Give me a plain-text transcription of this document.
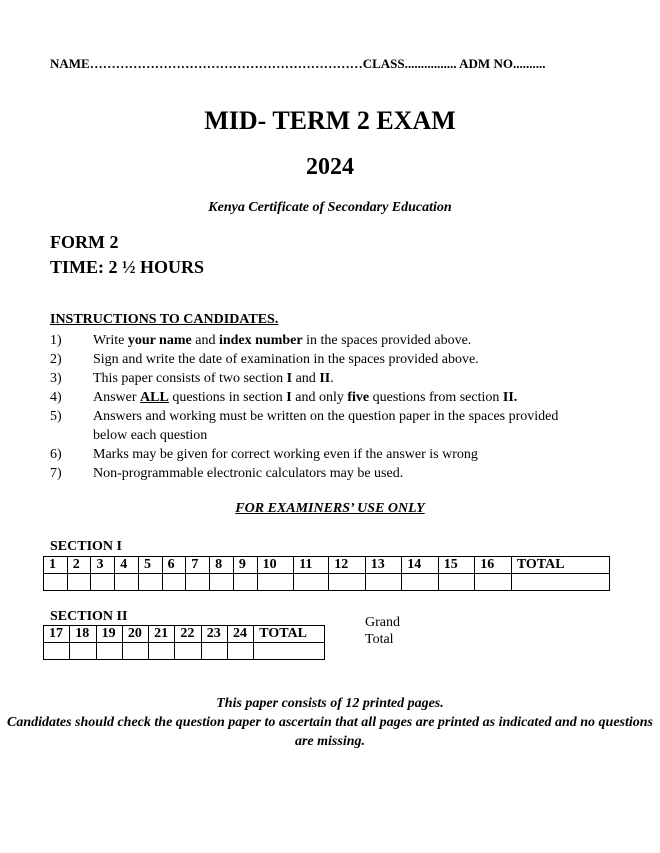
NAME………………………………………………………CLASS................ ADM NO..........
MID- TERM 2 EXAM
2024
Kenya Certificate of Secondary Education
FORM 2
TIME: 2 ½ HOURS
INSTRUCTIONS TO CANDIDATES.
1)	Write your name and index number in the spaces provided above.
2)	Sign and write the date of examination in the spaces provided above.
3)	This paper consists of two section I and II.
4)	Answer ALL questions in section I and only five questions from section II.
5)	Answers and working must be written on the question paper in the spaces provided below each question
6)	Marks may be given for correct working even if the answer is wrong
7)	Non-programmable electronic calculators may be used.
FOR EXAMINERS’ USE ONLY
SECTION I
1	2	3	4	5	6	7	8	9	10	11	12	13	14	15	16	TOTAL

SECTION II
17	18	19	20	21	22	23	24	TOTAL

Grand
Total
This paper consists of 12 printed pages.
Candidates should check the question paper to ascertain that all pages are printed as indicated and no questions are missing.
